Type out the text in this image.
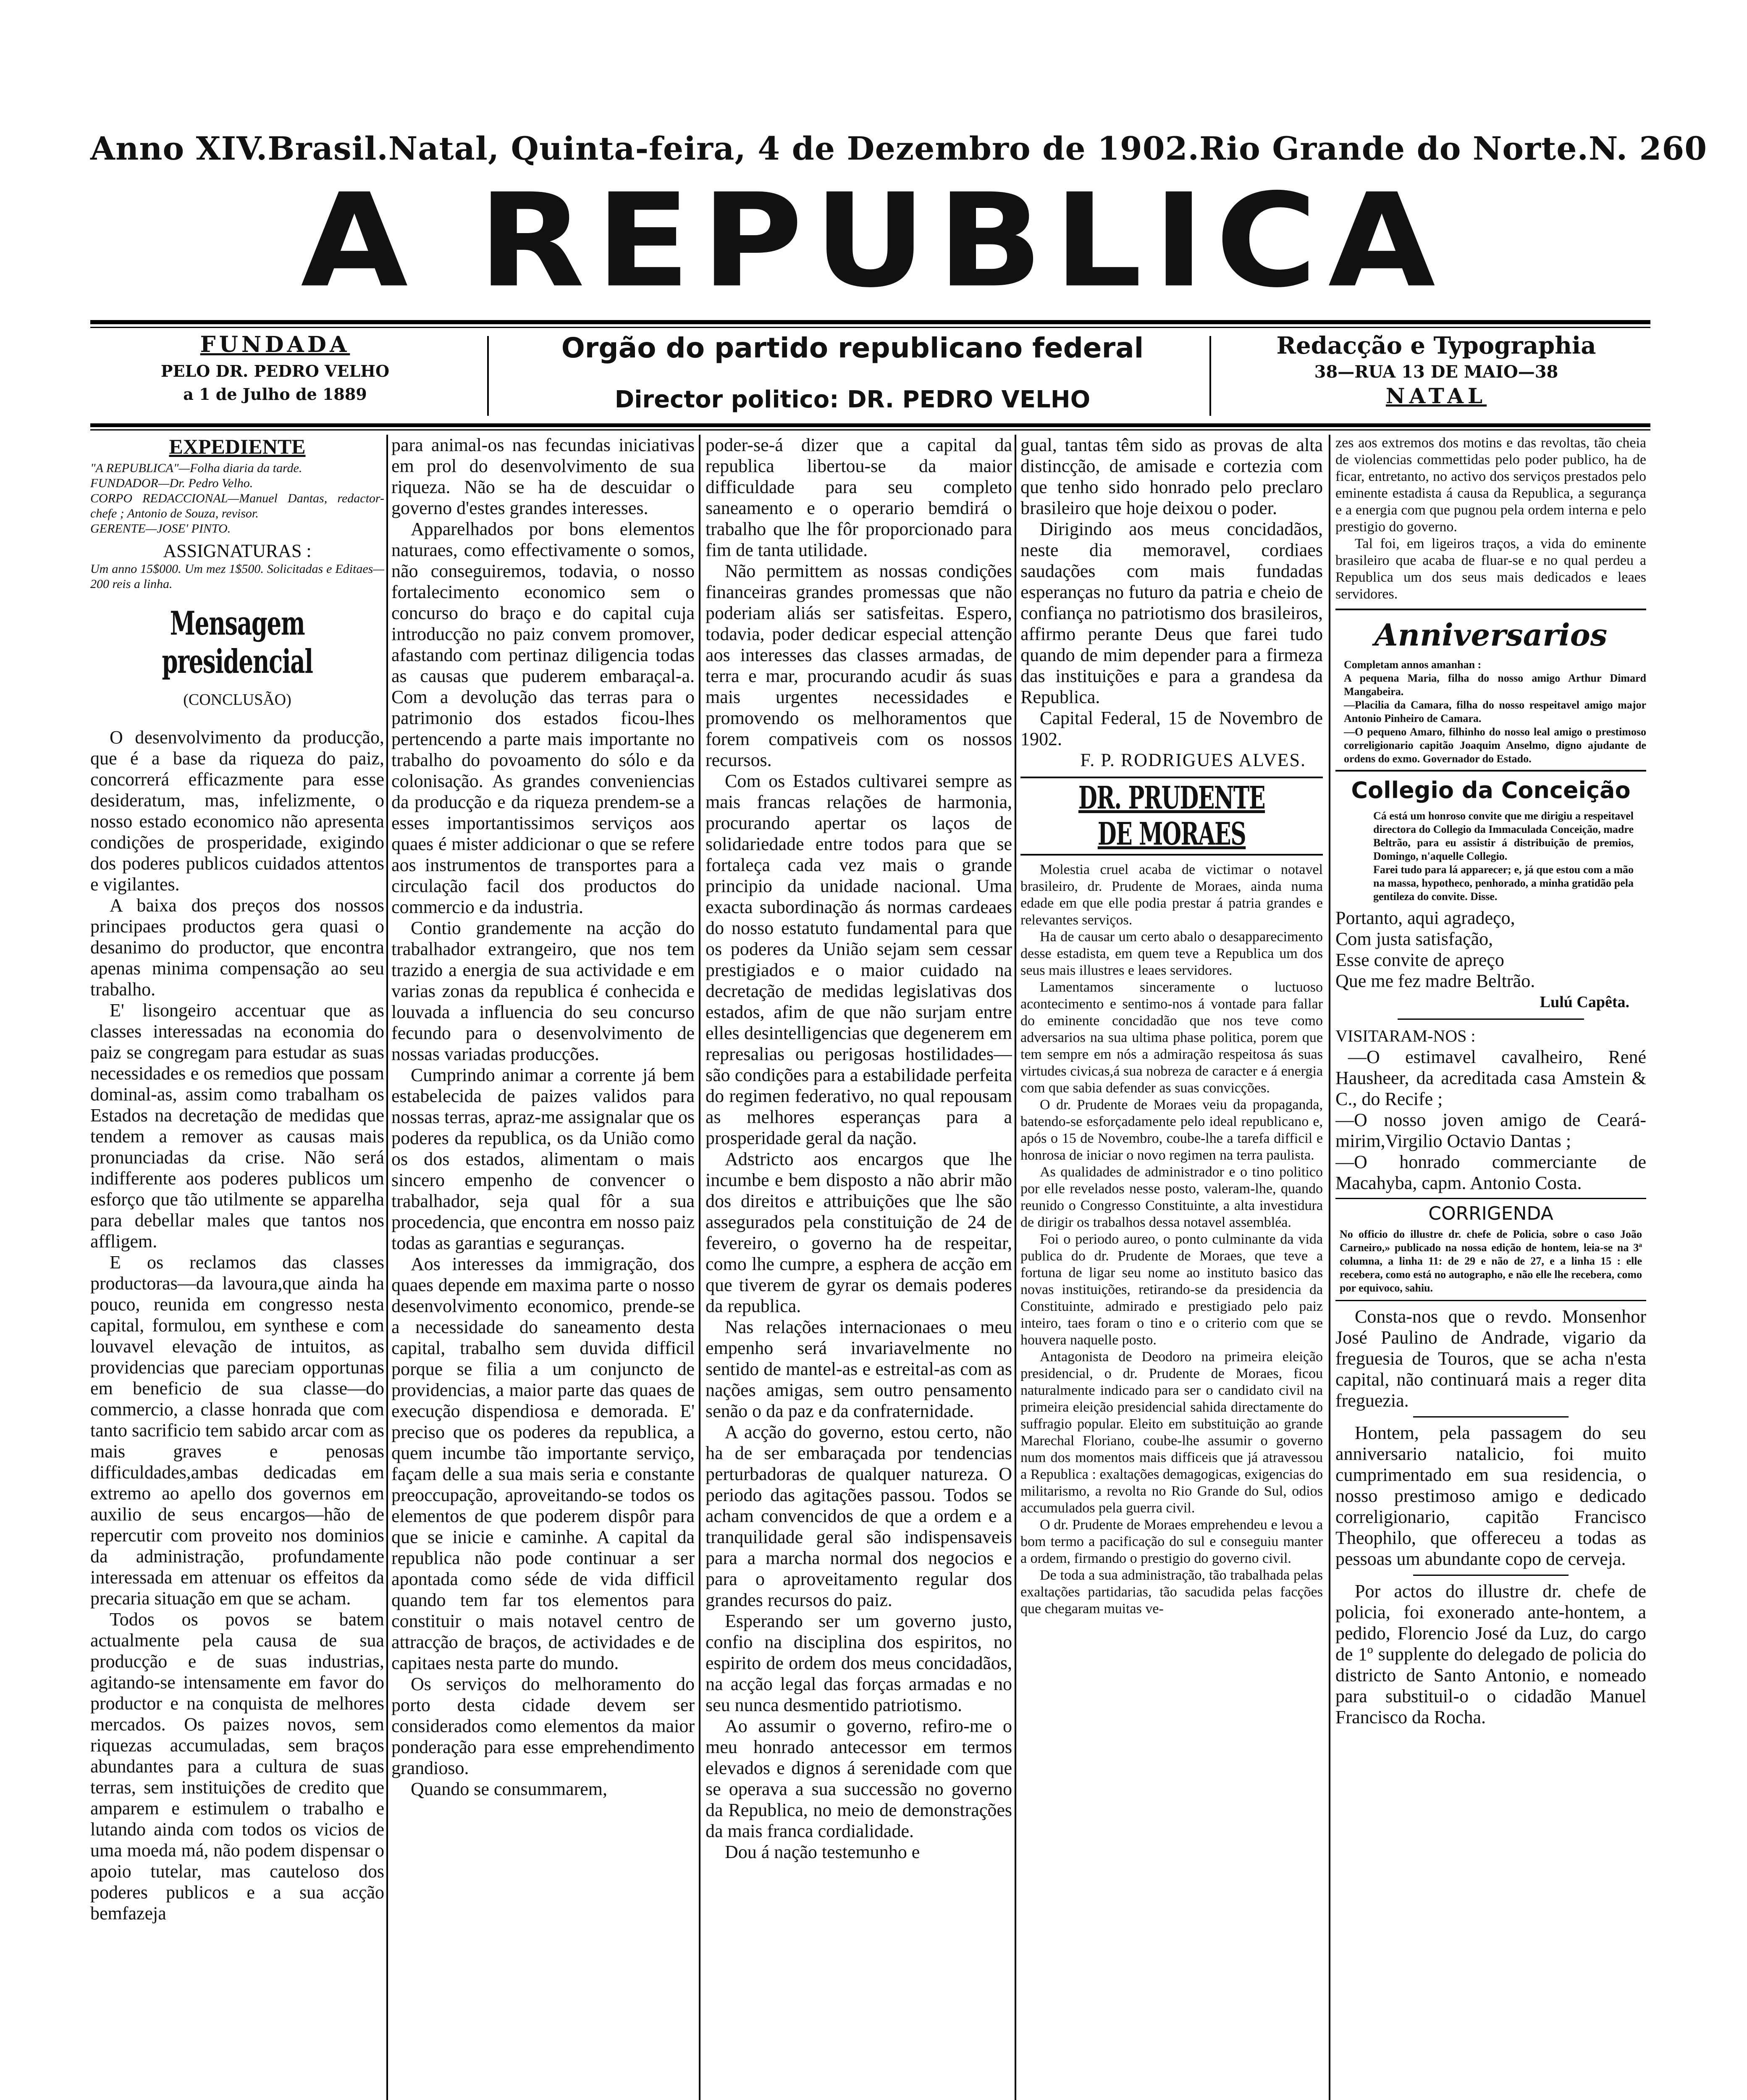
Anno XIV. Brasil. Natal, Quinta-feira, 4 de Dezembro de 1902. Rio Grande do Norte. N. 260
A REPUBLICA
FUNDADA
PELO DR. PEDRO VELHO
a 1 de Julho de 1889
Orgão do partido republicano federal
Director politico: DR. PEDRO VELHO
Redacção e Typographia
38—RUA 13 DE MAIO—38
NATAL
EXPEDIENTE
"A REPUBLICA"—Folha diaria da tarde.
FUNDADOR—Dr. Pedro Velho.
CORPO REDACCIONAL—Manuel Dantas, redactor-chefe ; Antonio de Souza, revisor.
GERENTE—JOSE' PINTO.
ASSIGNATURAS :
Um anno 15$000. Um mez 1$500. Solicitadas e Editaes—200 reis a linha.
Mensagem presidencial
(CONCLUSÃO)

O desenvolvimento da producção, que é a base da riqueza do paiz, concorrerá efficazmente para esse desideratum, mas, infelizmente, o nosso estado economico não apresenta condições de prosperidade, exigindo dos poderes publicos cuidados attentos e vigilantes.

A baixa dos preços dos nossos principaes productos gera quasi o desanimo do productor, que encontra apenas minima compensação ao seu trabalho.

E' lisongeiro accentuar que as classes interessadas na economia do paiz se congregam para estudar as suas necessidades e os remedios que possam dominal-as, assim como trabalham os Estados na decretação de medidas que tendem a remover as causas mais pronunciadas da crise. Não será indifferente aos poderes publicos um esforço que tão utilmente se apparelha para debellar males que tantos nos affligem.

E os reclamos das classes productoras—da lavoura,que ainda ha pouco, reunida em congresso nesta capital, formulou, em synthese e com louvavel elevação de intuitos, as providencias que pareciam opportunas em beneficio de sua classe—do commercio, a classe honrada que com tanto sacrificio tem sabido arcar com as mais graves e penosas difficuldades,ambas dedicadas em extremo ao apello dos governos em auxilio de seus encargos—hão de repercutir com proveito nos dominios da administração, profundamente interessada em attenuar os effeitos da precaria situação em que se acham.

Todos os povos se batem actualmente pela causa de sua producção e de suas industrias, agitando-se intensamente em favor do productor e na conquista de melhores mercados. Os paizes novos, sem riquezas accumuladas, sem braços abundantes para a cultura de suas terras, sem instituições de credito que amparem e estimulem o trabalho e lutando ainda com todos os vicios de uma moeda má, não podem dispensar o apoio tutelar, mas cauteloso dos poderes publicos e a sua acção bemfazeja

para animal-os nas fecundas iniciativas em prol do desenvolvimento de sua riqueza. Não se ha de descuidar o governo d'estes grandes interesses.

Apparelhados por bons elementos naturaes, como effectivamente o somos, não conseguiremos, todavia, o nosso fortalecimento economico sem o concurso do braço e do capital cuja introducção no paiz convem promover, afastando com pertinaz diligencia todas as causas que puderem embaraçal-a. Com a devolução das terras para o patrimonio dos estados ficou-lhes pertencendo a parte mais importante no trabalho do povoamento do sólo e da colonisação. As grandes conveniencias da producção e da riqueza prendem-se a esses importantissimos serviços aos quaes é mister addicionar o que se refere aos instrumentos de transportes para a circulação facil dos productos do commercio e da industria.

Contio grandemente na acção do trabalhador extrangeiro, que nos tem trazido a energia de sua actividade e em varias zonas da republica é conhecida e louvada a influencia do seu concurso fecundo para o desenvolvimento de nossas variadas producções.

Cumprindo animar a corrente já bem estabelecida de paizes validos para nossas terras, apraz-me assignalar que os poderes da republica, os da União como os dos estados, alimentam o mais sincero empenho de convencer o trabalhador, seja qual fôr a sua procedencia, que encontra em nosso paiz todas as garantias e seguranças.

Aos interesses da immigração, dos quaes depende em maxima parte o nosso desenvolvimento economico, prende-se a necessidade do saneamento desta capital, trabalho sem duvida difficil porque se filia a um conjuncto de providencias, a maior parte das quaes de execução dispendiosa e demorada. E' preciso que os poderes da republica, a quem incumbe tão importante serviço, façam delle a sua mais seria e constante preoccupação, aproveitando-se todos os elementos de que poderem dispôr para que se inicie e caminhe. A capital da republica não pode continuar a ser apontada como séde de vida difficil quando tem far tos elementos para constituir o mais notavel centro de attracção de braços, de actividades e de capitaes nesta parte do mundo.

Os serviços do melhoramento do porto desta cidade devem ser considerados como elementos da maior ponderação para esse emprehendimento grandioso.

Quando se consummarem,

poder-se-á dizer que a capital da republica libertou-se da maior difficuldade para seu completo saneamento e o operario bemdirá o trabalho que lhe fôr proporcionado para fim de tanta utilidade.

Não permittem as nossas condições financeiras grandes promessas que não poderiam aliás ser satisfeitas. Espero, todavia, poder dedicar especial attenção aos interesses das classes armadas, de terra e mar, procurando acudir ás suas mais urgentes necessidades e promovendo os melhoramentos que forem compativeis com os nossos recursos.

Com os Estados cultivarei sempre as mais francas relações de harmonia, procurando apertar os laços de solidariedade entre todos para que se fortaleça cada vez mais o grande principio da unidade nacional. Uma exacta subordinação ás normas cardeaes do nosso estatuto fundamental para que os poderes da União sejam sem cessar prestigiados e o maior cuidado na decretação de medidas legislativas dos estados, afim de que não surjam entre elles desintelligencias que degenerem em represalias ou perigosas hostilidades—são condições para a estabilidade perfeita do regimen federativo, no qual repousam as melhores esperanças para a prosperidade geral da nação.

Adstricto aos encargos que lhe incumbe e bem disposto a não abrir mão dos direitos e attribuições que lhe são assegurados pela constituição de 24 de fevereiro, o governo ha de respeitar, como lhe cumpre, a esphera de acção em que tiverem de gyrar os demais poderes da republica.

Nas relações internacionaes o meu empenho será invariavelmente no sentido de mantel-as e estreital-as com as nações amigas, sem outro pensamento senão o da paz e da confraternidade.

A acção do governo, estou certo, não ha de ser embaraçada por tendencias perturbadoras de qualquer natureza. O periodo das agitações passou. Todos se acham convencidos de que a ordem e a tranquilidade geral são indispensaveis para a marcha normal dos negocios e para o aproveitamento regular dos grandes recursos do paiz.

Esperando ser um governo justo, confio na disciplina dos espiritos, no espirito de ordem dos meus concidadãos, na acção legal das forças armadas e no seu nunca desmentido patriotismo.

Ao assumir o governo, refiro-me o meu honrado antecessor em termos elevados e dignos á serenidade com que se operava a sua successão no governo da Republica, no meio de demonstrações da mais franca cordialidade.

Dou á nação testemunho e

gual, tantas têm sido as provas de alta distincção, de amisade e cortezia com que tenho sido honrado pelo preclaro brasileiro que hoje deixou o poder.

Dirigindo aos meus concidadãos, neste dia memoravel, cordiaes saudações com mais fundadas esperanças no futuro da patria e cheio de confiança no patriotismo dos brasileiros, affirmo perante Deus que farei tudo quando de mim depender para a firmeza das instituições e para a grandesa da Republica.

Capital Federal, 15 de Novembro de 1902.

F. P. RODRIGUES ALVES.
DR. PRUDENTE DE MORAES

Molestia cruel acaba de victimar o notavel brasileiro, dr. Prudente de Moraes, ainda numa edade em que elle podia prestar á patria grandes e relevantes serviços.

Ha de causar um certo abalo o desapparecimento desse estadista, em quem teve a Republica um dos seus mais illustres e leaes servidores.

Lamentamos sinceramente o luctuoso acontecimento e sentimo-nos á vontade para fallar do eminente concidadão que nos teve como adversarios na sua ultima phase politica, porem que tem sempre em nós a admiração respeitosa ás suas virtudes civicas,á sua nobreza de caracter e á energia com que sabia defender as suas convicções.

O dr. Prudente de Moraes veiu da propaganda, batendo-se esforçadamente pelo ideal republicano e, após o 15 de Novembro, coube-lhe a tarefa difficil e honrosa de iniciar o novo regimen na terra paulista.

As qualidades de administrador e o tino politico por elle revelados nesse posto, valeram-lhe, quando reunido o Congresso Constituinte, a alta investidura de dirigir os trabalhos dessa notavel assembléa.

Foi o periodo aureo, o ponto culminante da vida publica do dr. Prudente de Moraes, que teve a fortuna de ligar seu nome ao instituto basico das novas instituições, retirando-se da presidencia da Constituinte, admirado e prestigiado pelo paiz inteiro, taes foram o tino e o criterio com que se houvera naquelle posto.

Antagonista de Deodoro na primeira eleição presidencial, o dr. Prudente de Moraes, ficou naturalmente indicado para ser o candidato civil na primeira eleição presidencial sahida directamente do suffragio popular. Eleito em substituição ao grande Marechal Floriano, coube-lhe assumir o governo num dos momentos mais difficeis que já atravessou a Republica : exaltações demagogicas, exigencias do militarismo, a revolta no Rio Grande do Sul, odios accumulados pela guerra civil.

O dr. Prudente de Moraes emprehendeu e levou a bom termo a pacificação do sul e conseguiu manter a ordem, firmando o prestigio do governo civil.

De toda a sua administração, tão trabalhada pelas exaltações partidarias, tão sacudida pelas facções que chegaram muitas ve-

zes aos extremos dos motins e das revoltas, tão cheia de violencias commettidas pelo poder publico, ha de ficar, entretanto, no activo dos serviços prestados pelo eminente estadista á causa da Republica, a segurança e a energia com que pugnou pela ordem interna e pelo prestigio do governo.

Tal foi, em ligeiros traços, a vida do eminente brasileiro que acaba de fluar-se e no qual perdeu a Republica um dos seus mais dedicados e leaes servidores.

Anniversarios
Completam annos amanhan :
A pequena Maria, filha do nosso amigo Arthur Dimard Mangabeira.
—Placilia da Camara, filha do nosso respeitavel amigo major Antonio Pinheiro de Camara.
—O pequeno Amaro, filhinho do nosso leal amigo o prestimoso correligionario capitão Joaquim Anselmo, digno ajudante de ordens do exmo. Governador do Estado.
Collegio da Conceição
Cá está um honroso convite que me dirigiu a respeitavel directora do Collegio da Immaculada Conceição, madre Beltrão, para eu assistir á distribuição de premios, Domingo, n'aquelle Collegio.
Farei tudo para lá apparecer; e, já que estou com a mão na massa, hypotheco, penhorado, a minha gratidão pela gentileza do convite. Disse.
Portanto, aqui agradeço,
Com justa satisfação,
Esse convite de apreço
Que me fez madre Beltrão.
Lulú Capêta.
VISITARAM-NOS :
—O estimavel cavalheiro, René Hausheer, da acreditada casa Amstein & C., do Recife ;
—O nosso joven amigo de Ceará-mirim,Virgilio Octavio Dantas ;
—O honrado commerciante de Macahyba, capm. Antonio Costa.
CORRIGENDA
No officio do illustre dr. chefe de Policia, sobre o caso João Carneiro,» publicado na nossa edição de hontem, leia-se na 3ª columna, a linha 11: de 29 e não de 27, e a linha 15 : elle recebera, como está no autographo, e não elle lhe recebera, como por equivoco, sahiu.

Consta-nos que o revdo. Monsenhor José Paulino de Andrade, vigario da freguesia de Touros, que se acha n'esta capital, não continuará mais a reger dita freguezia.

Hontem, pela passagem do seu anniversario natalicio, foi muito cumprimentado em sua residencia, o nosso prestimoso amigo e dedicado correligionario, capitão Francisco Theophilo, que offereceu a todas as pessoas um abundante copo de cerveja.

Por actos do illustre dr. chefe de policia, foi exonerado ante-hontem, a pedido, Florencio José da Luz, do cargo de 1º supplente do delegado de policia do districto de Santo Antonio, e nomeado para substituil-o o cidadão Manuel Francisco da Rocha.
